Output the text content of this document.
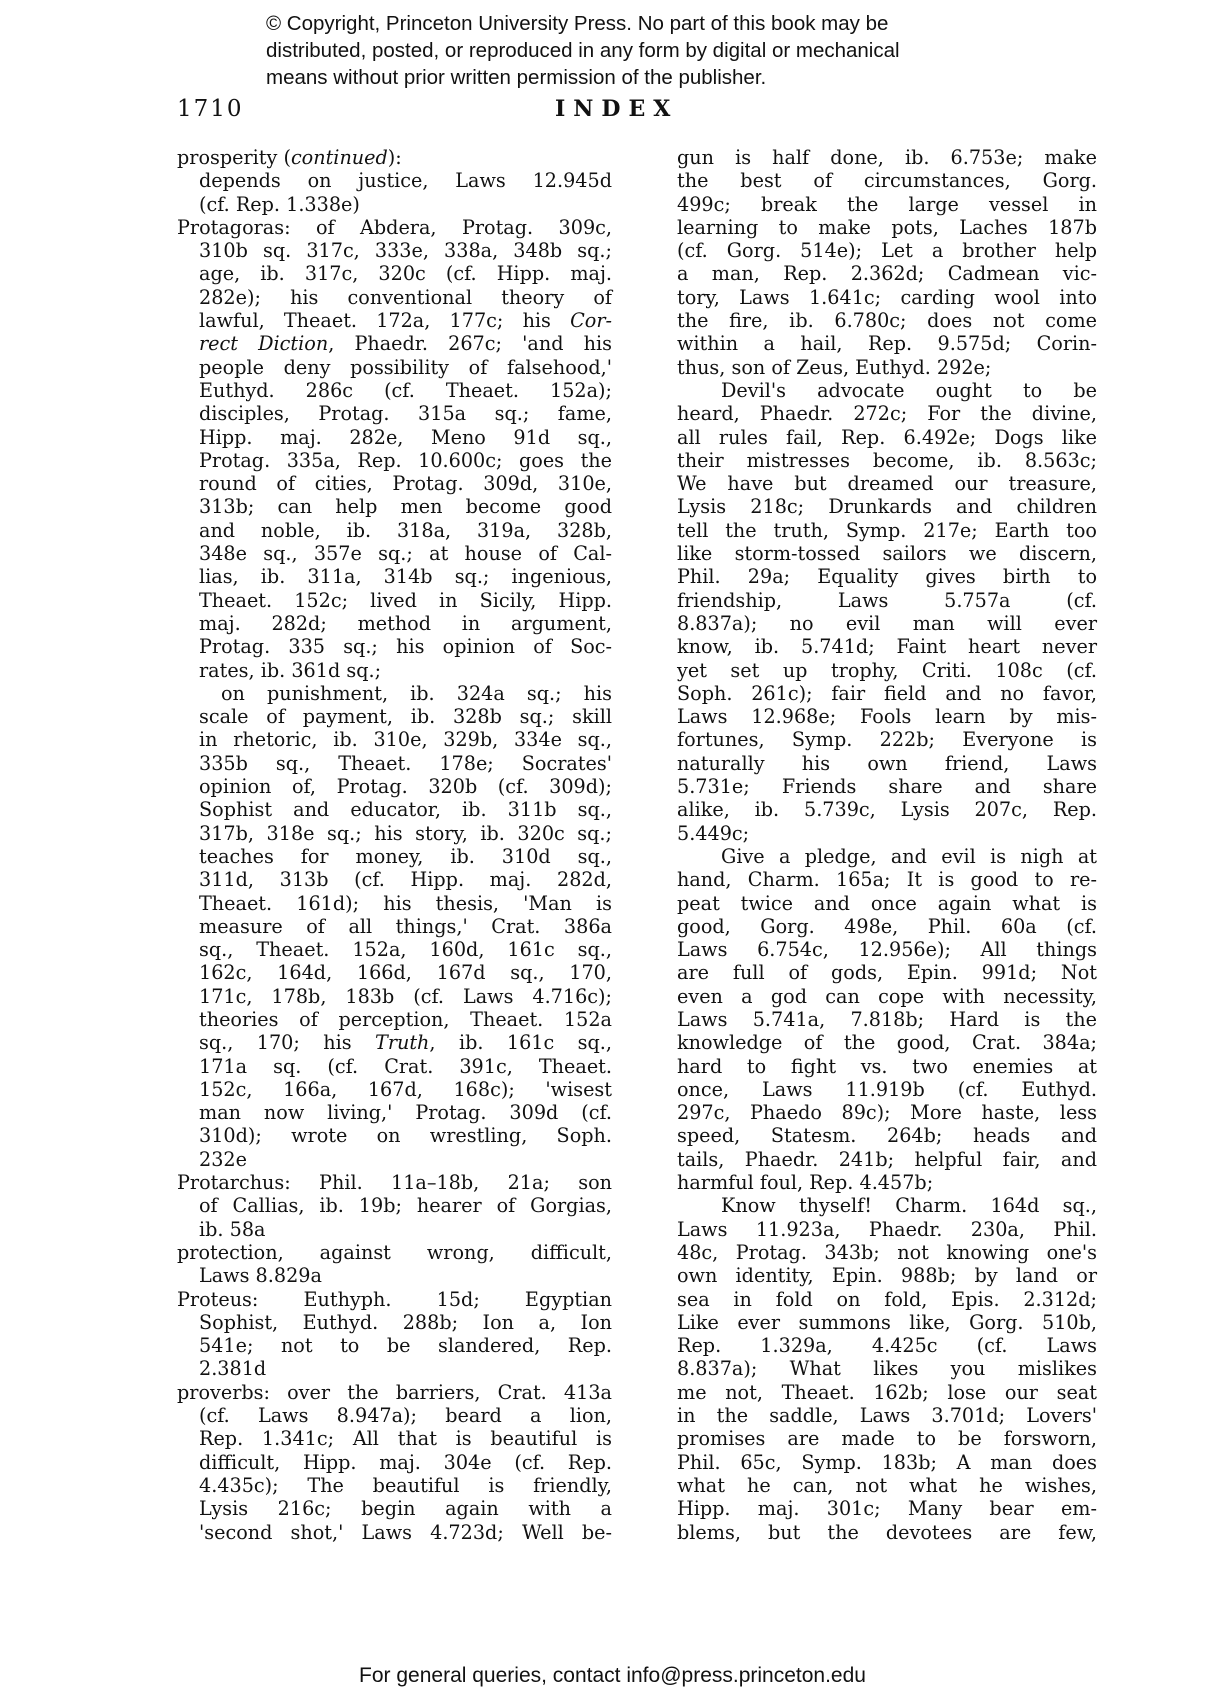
© Copyright, Princeton University Press. No part of this book may be
distributed, posted, or reproduced in any form by digital or mechanical
means without prior written permission of the publisher.
1710	INDEX
prosperity (continued):
depends on justice, Laws 12.945d
(cf. Rep. 1.338e)
Protagoras: of Abdera, Protag. 309c,
310b sq. 317c, 333e, 338a, 348b sq.;
age, ib. 317c, 320c (cf. Hipp. maj.
282e); his conventional theory of
lawful, Theaet. 172a, 177c; his Cor-
rect Diction, Phaedr. 267c; 'and his
people deny possibility of falsehood,'
Euthyd. 286c (cf. Theaet. 152a);
disciples, Protag. 315a sq.; fame,
Hipp. maj. 282e, Meno 91d sq.,
Protag. 335a, Rep. 10.600c; goes the
round of cities, Protag. 309d, 310e,
313b; can help men become good
and noble, ib. 318a, 319a, 328b,
348e sq., 357e sq.; at house of Cal-
lias, ib. 311a, 314b sq.; ingenious,
Theaet. 152c; lived in Sicily, Hipp.
maj. 282d; method in argument,
Protag. 335 sq.; his opinion of Soc-
rates, ib. 361d sq.;
on punishment, ib. 324a sq.; his
scale of payment, ib. 328b sq.; skill
in rhetoric, ib. 310e, 329b, 334e sq.,
335b sq., Theaet. 178e; Socrates'
opinion of, Protag. 320b (cf. 309d);
Sophist and educator, ib. 311b sq.,
317b, 318e sq.; his story, ib. 320c sq.;
teaches for money, ib. 310d sq.,
311d, 313b (cf. Hipp. maj. 282d,
Theaet. 161d); his thesis, 'Man is
measure of all things,' Crat. 386a
sq., Theaet. 152a, 160d, 161c sq.,
162c, 164d, 166d, 167d sq., 170,
171c, 178b, 183b (cf. Laws 4.716c);
theories of perception, Theaet. 152a
sq., 170; his Truth, ib. 161c sq.,
171a sq. (cf. Crat. 391c, Theaet.
152c, 166a, 167d, 168c); 'wisest
man now living,' Protag. 309d (cf.
310d); wrote on wrestling, Soph.
232e
Protarchus: Phil. 11a–18b, 21a; son
of Callias, ib. 19b; hearer of Gorgias,
ib. 58a
protection, against wrong, difficult,
Laws 8.829a
Proteus: Euthyph. 15d; Egyptian
Sophist, Euthyd. 288b; Ion a, Ion
541e; not to be slandered, Rep.
2.381d
proverbs: over the barriers, Crat. 413a
(cf. Laws 8.947a); beard a lion,
Rep. 1.341c; All that is beautiful is
difficult, Hipp. maj. 304e (cf. Rep.
4.435c); The beautiful is friendly,
Lysis 216c; begin again with a
'second shot,' Laws 4.723d; Well be-
gun is half done, ib. 6.753e; make
the best of circumstances, Gorg.
499c; break the large vessel in
learning to make pots, Laches 187b
(cf. Gorg. 514e); Let a brother help
a man, Rep. 2.362d; Cadmean vic-
tory, Laws 1.641c; carding wool into
the fire, ib. 6.780c; does not come
within a hail, Rep. 9.575d; Corin-
thus, son of Zeus, Euthyd. 292e;
Devil's advocate ought to be
heard, Phaedr. 272c; For the divine,
all rules fail, Rep. 6.492e; Dogs like
their mistresses become, ib. 8.563c;
We have but dreamed our treasure,
Lysis 218c; Drunkards and children
tell the truth, Symp. 217e; Earth too
like storm-tossed sailors we discern,
Phil. 29a; Equality gives birth to
friendship, Laws 5.757a (cf.
8.837a); no evil man will ever
know, ib. 5.741d; Faint heart never
yet set up trophy, Criti. 108c (cf.
Soph. 261c); fair field and no favor,
Laws 12.968e; Fools learn by mis-
fortunes, Symp. 222b; Everyone is
naturally his own friend, Laws
5.731e; Friends share and share
alike, ib. 5.739c, Lysis 207c, Rep.
5.449c;
Give a pledge, and evil is nigh at
hand, Charm. 165a; It is good to re-
peat twice and once again what is
good, Gorg. 498e, Phil. 60a (cf.
Laws 6.754c, 12.956e); All things
are full of gods, Epin. 991d; Not
even a god can cope with necessity,
Laws 5.741a, 7.818b; Hard is the
knowledge of the good, Crat. 384a;
hard to fight vs. two enemies at
once, Laws 11.919b (cf. Euthyd.
297c, Phaedo 89c); More haste, less
speed, Statesm. 264b; heads and
tails, Phaedr. 241b; helpful fair, and
harmful foul, Rep. 4.457b;
Know thyself! Charm. 164d sq.,
Laws 11.923a, Phaedr. 230a, Phil.
48c, Protag. 343b; not knowing one's
own identity, Epin. 988b; by land or
sea in fold on fold, Epis. 2.312d;
Like ever summons like, Gorg. 510b,
Rep. 1.329a, 4.425c (cf. Laws
8.837a); What likes you mislikes
me not, Theaet. 162b; lose our seat
in the saddle, Laws 3.701d; Lovers'
promises are made to be forsworn,
Phil. 65c, Symp. 183b; A man does
what he can, not what he wishes,
Hipp. maj. 301c; Many bear em-
blems, but the devotees are few,
For general queries, contact info@press.princeton.edu
